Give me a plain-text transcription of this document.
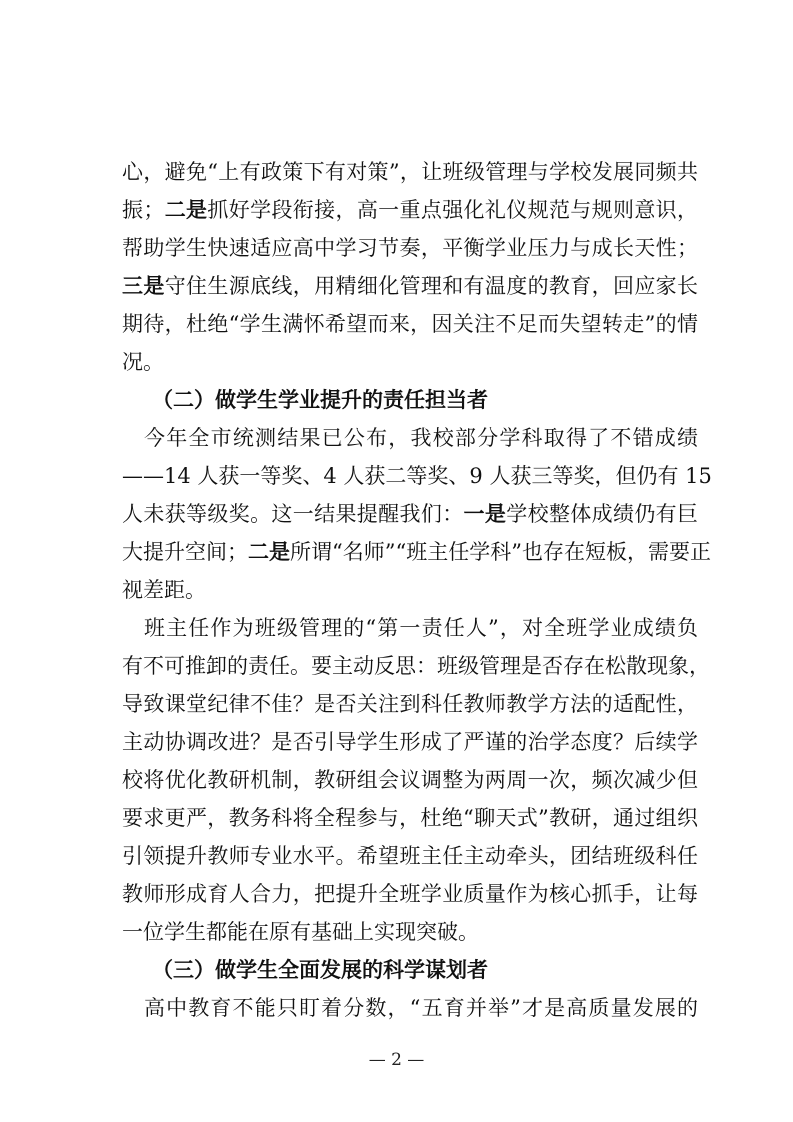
心，避免“上有政策下有对策”，让班级管理与学校发展同频共
振；二是抓好学段衔接，高一重点强化礼仪规范与规则意识，
帮助学生快速适应高中学习节奏，平衡学业压力与成长天性；
三是守住生源底线，用精细化管理和有温度的教育，回应家长
期待，杜绝“学生满怀希望而来，因关注不足而失望转走”的情
况。
（二）做学生学业提升的责任担当者
今年全市统测结果已公布，我校部分学科取得了不错成绩
——14 人获一等奖、4 人获二等奖、9 人获三等奖，但仍有 15
人未获等级奖。这一结果提醒我们：一是学校整体成绩仍有巨
大提升空间；二是所谓“名师”“班主任学科”也存在短板，需要正
视差距。
班主任作为班级管理的“第一责任人”，对全班学业成绩负
有不可推卸的责任。要主动反思：班级管理是否存在松散现象，
导致课堂纪律不佳？是否关注到科任教师教学方法的适配性，
主动协调改进？是否引导学生形成了严谨的治学态度？后续学
校将优化教研机制，教研组会议调整为两周一次，频次减少但
要求更严，教务科将全程参与，杜绝“聊天式”教研，通过组织
引领提升教师专业水平。希望班主任主动牵头，团结班级科任
教师形成育人合力，把提升全班学业质量作为核心抓手，让每
一位学生都能在原有基础上实现突破。
（三）做学生全面发展的科学谋划者
高中教育不能只盯着分数，“五育并举”才是高质量发展的
— 2 —
